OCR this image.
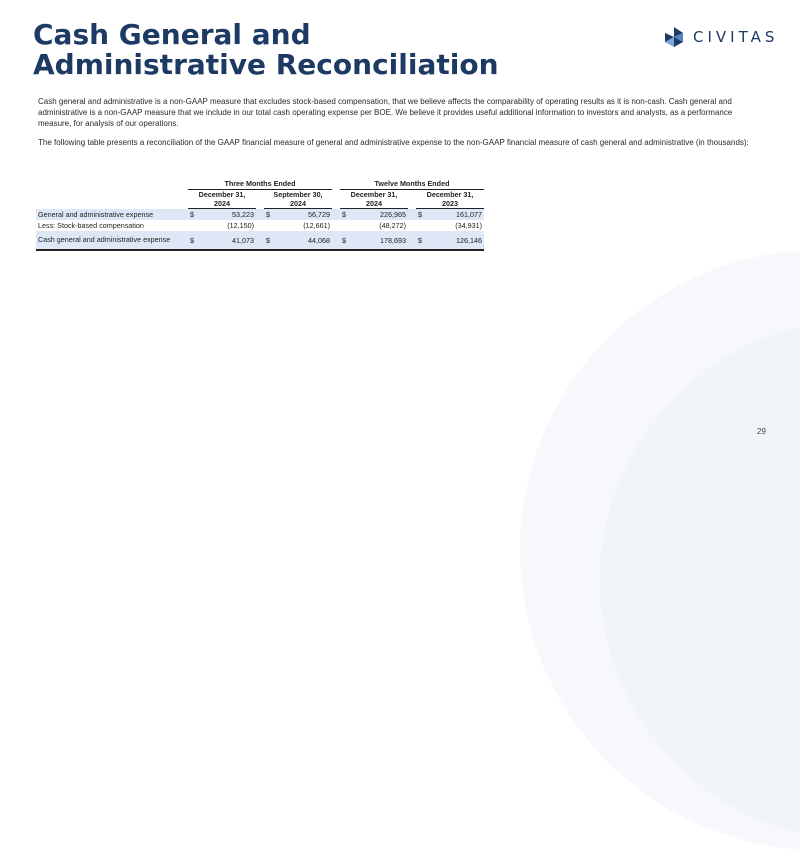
Cash General and Administrative Reconciliation
CIVITAS

Cash general and administrative is a non-GAAP measure that excludes stock-based compensation, that we believe affects the comparability of operating results as it is non-cash. Cash general and administrative is a non-GAAP measure that we include in our total cash operating expense per BOE. We believe it provides useful additional information to investors and analysts, as a performance measure, for analysis of our operations.

The following table presents a reconciliation of the GAAP financial measure of general and administrative expense to the non-GAAP financial measure of cash general and administrative (in thousands):

		Three Months Ended						Twelve Months Ended				
		December 31, 2024			September 30, 2024			December 31, 2024			December 31, 2023	
General and administrative expense		$	53,223		$	56,729		$	226,965		$	161,077
Less: Stock-based compensation			(12,150)			(12,661)			(48,272)			(34,931)
Cash general and administrative expense		$	41,073		$	44,068		$	178,693		$	126,146
29
